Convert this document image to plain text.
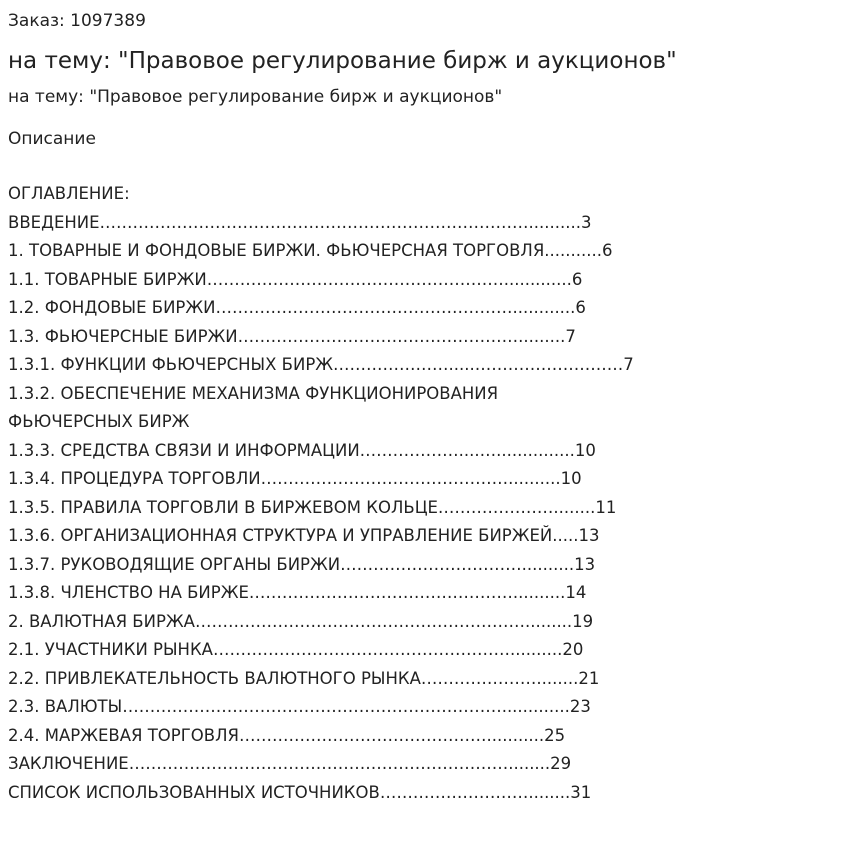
Заказ: 1097389
на тему: "Правовое регулирование бирж и аукционов"
на тему: "Правовое регулирование бирж и аукционов"
Описание
ОГЛАВЛЕНИЕ:
ВВЕДЕНИЕ……………………………………………………………………..........3
1. ТОВАРНЫЕ И ФОНДОВЫЕ БИРЖИ. ФЬЮЧЕРСНАЯ ТОРГОВЛЯ...........6
1.1. ТОВАРНЫЕ БИРЖИ……………………………………………….............6
1.2. ФОНДОВЫЕ БИРЖИ………………………………………………............6
1.3. ФЬЮЧЕРСНЫЕ БИРЖИ…………………………………………….........7
1.3.1. ФУНКЦИИ ФЬЮЧЕРСНЫХ БИРЖ………………….....………………………7
1.3.2. ОБЕСПЕЧЕНИЕ МЕХАНИЗМА ФУНКЦИОНИРОВАНИЯ
ФЬЮЧЕРСНЫХ БИРЖ
1.3.3. СРЕДСТВА СВЯЗИ И ИНФОРМАЦИИ………………....…...............10
1.3.4. ПРОЦЕДУРА ТОРГОВЛИ………………………………………..........10
1.3.5. ПРАВИЛА ТОРГОВЛИ В БИРЖЕВОМ КОЛЬЦЕ…………………........11
1.3.6. ОРГАНИЗАЦИОННАЯ СТРУКТУРА И УПРАВЛЕНИЕ БИРЖЕЙ.....13
1.3.7. РУКОВОДЯЩИЕ ОРГАНЫ БИРЖИ……………………………..........13
1.3.8. ЧЛЕНСТВО НА БИРЖЕ…………………………………………..........14
2. ВАЛЮТНАЯ БИРЖА…………………………………………………….........19
2.1. УЧАСТНИКИ РЫНКА………………………………………………..........20
2.2. ПРИВЛЕКАТЕЛЬНОСТЬ ВАЛЮТНОГО РЫНКА…………………........21
2.3. ВАЛЮТЫ…………………………………………………………….............23
2.4. МАРЖЕВАЯ ТОРГОВЛЯ………………………………………...........25
ЗАКЛЮЧЕНИЕ……………………………………………………………........29
СПИСОК ИСПОЛЬЗОВАННЫХ ИСТОЧНИКОВ………………………........31
